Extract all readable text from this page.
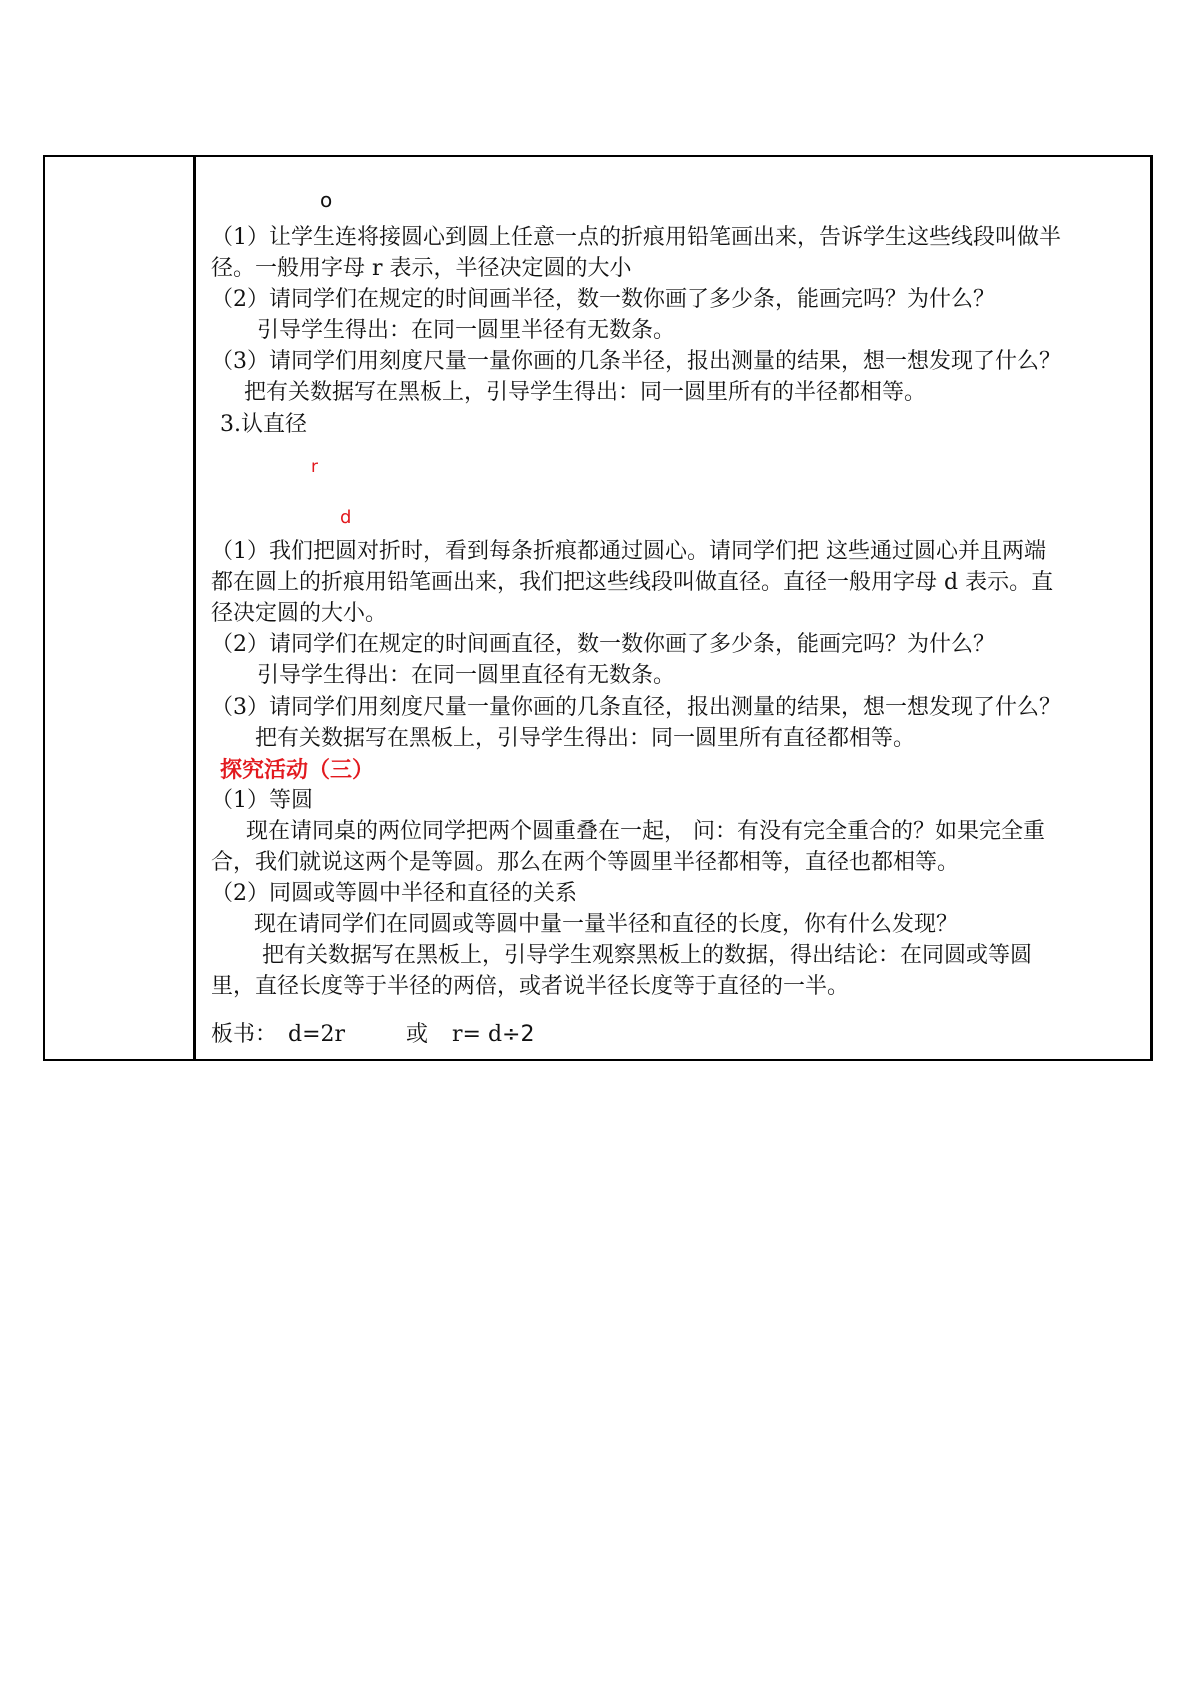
o
（1）让学生连将接圆心到圆上任意一点的折痕用铅笔画出来，告诉学生这些线段叫做半
径。一般用字母 r 表示，半径决定圆的大小
（2）请同学们在规定的时间画半径，数一数你画了多少条，能画完吗？为什么？
引导学生得出：在同一圆里半径有无数条。
（3）请同学们用刻度尺量一量你画的几条半径，报出测量的结果，想一想发现了什么？
把有关数据写在黑板上，引导学生得出：同一圆里所有的半径都相等。
3.认直径
r
d
（1）我们把圆对折时，看到每条折痕都通过圆心。请同学们把 这些通过圆心并且两端
都在圆上的折痕用铅笔画出来，我们把这些线段叫做直径。直径一般用字母 d 表示。直
径决定圆的大小。
（2）请同学们在规定的时间画直径，数一数你画了多少条，能画完吗？为什么？
引导学生得出：在同一圆里直径有无数条。
（3）请同学们用刻度尺量一量你画的几条直径，报出测量的结果，想一想发现了什么？
把有关数据写在黑板上，引导学生得出：同一圆里所有直径都相等。
探究活动（三）
（1）等圆
现在请同桌的两位同学把两个圆重叠在一起， 问：有没有完全重合的？如果完全重
合，我们就说这两个是等圆。那么在两个等圆里半径都相等，直径也都相等。
（2）同圆或等圆中半径和直径的关系
现在请同学们在同圆或等圆中量一量半径和直径的长度，你有什么发现？
把有关数据写在黑板上，引导学生观察黑板上的数据，得出结论：在同圆或等圆
里，直径长度等于半径的两倍，或者说半径长度等于直径的一半。
板书： d=2r	或 r= d÷2
